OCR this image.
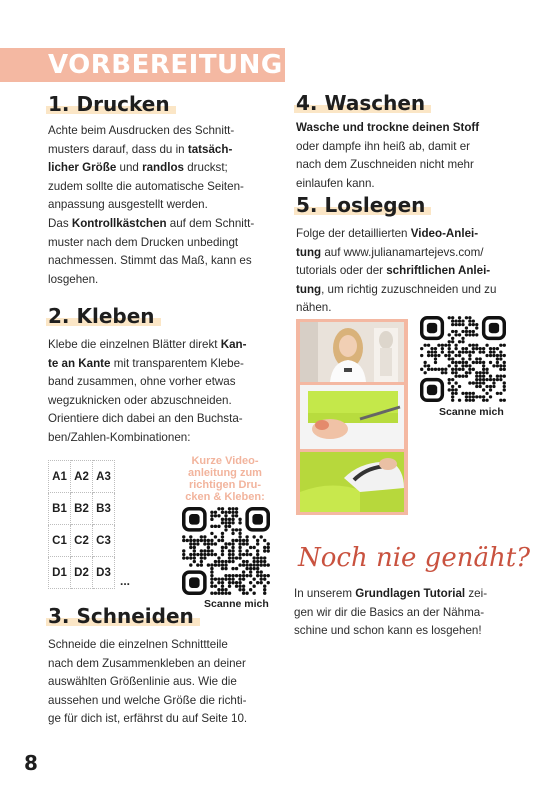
VORBEREITUNG
1. Drucken
Achte beim Ausdrucken des Schnitt-
musters darauf, dass du in tatsäch-
licher Größe und randlos druckst;
zudem sollte die automatische Seiten-
anpassung ausgestellt werden.
Das Kontrollkästchen auf dem Schnitt-
muster nach dem Drucken unbedingt
nachmessen. Stimmt das Maß, kann es
losgehen.
2. Kleben
Klebe die einzelnen Blätter direkt Kan-
te an Kante mit transparentem Klebe-
band zusammen, ohne vorher etwas
wegzuknicken oder abzuschneiden.
Orientiere dich dabei an den Buchsta-
ben/Zahlen-Kombinationen:
A1	A2	A3
B1	B2	B3
C1	C2	C3
D1	D2	D3
...
Kurze Video-
anleitung zum
richtigen Dru-
cken & Kleben:
Scanne mich
3. Schneiden
Schneide die einzelnen Schnittteile
nach dem Zusammenkleben an deiner
auswählten Größenlinie aus. Wie die
aussehen und welche Größe die richti-
ge für dich ist, erfährst du auf Seite 10.
4. Waschen
Wasche und trockne deinen Stoff
oder dampfe ihn heiß ab, damit er
nach dem Zuschneiden nicht mehr
einlaufen kann.
5. Loslegen
Folge der detaillierten Video-Anlei-
tung auf www.julianamartejevs.com/
tutorials oder der schriftlichen Anlei-
tung, um richtig zuzuschneiden und zu
nähen.
Scanne mich
Noch nie genäht?
In unserem Grundlagen Tutorial zei-
gen wir dir die Basics an der Nähma-
schine und schon kann es losgehen!
8
